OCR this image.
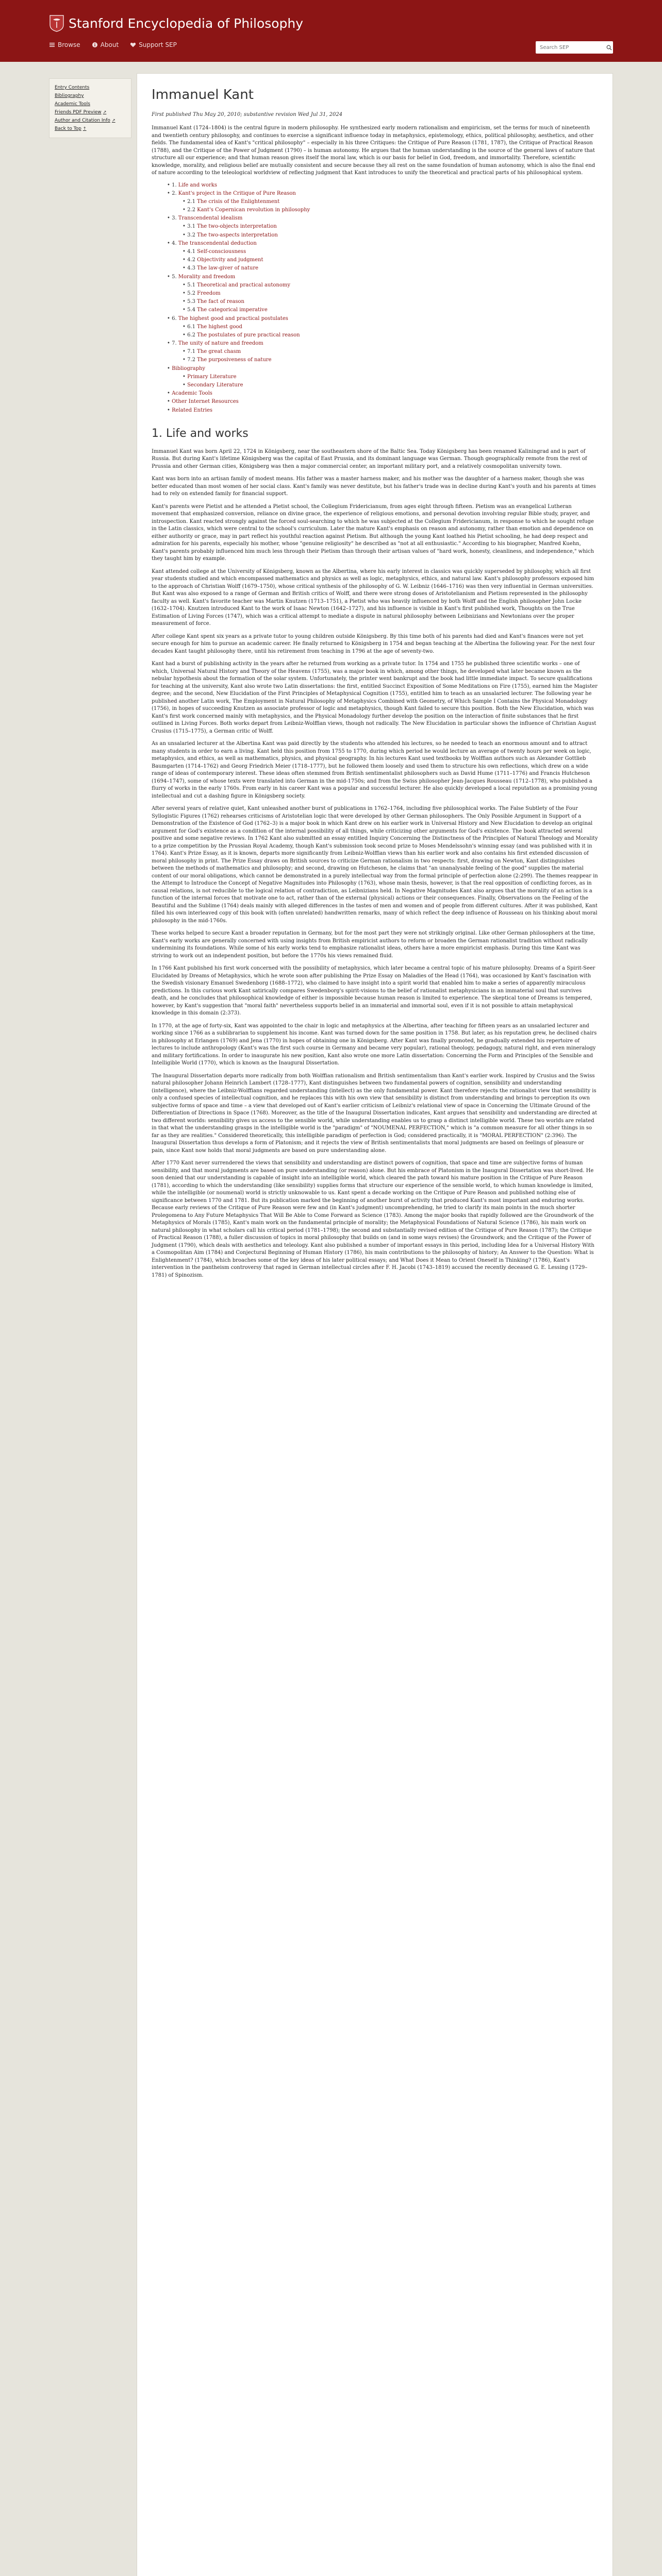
Stanford Encyclopedia of Philosophy
Browse	About	Support SEP
Search SEP
Entry Contents
Bibliography
Academic Tools
Friends PDF Preview ↗
Author and Citation Info ↗
Back to Top ↑
Immanuel Kant
First published Thu May 20, 2010; substantive revision Wed Jul 31, 2024

Immanuel Kant (1724–1804) is the central figure in modern philosophy. He synthesized early modern rationalism and empiricism, set the terms for much of nineteenth and twentieth century philosophy, and continues to exercise a significant influence today in metaphysics, epistemology, ethics, political philosophy, aesthetics, and other fields. The fundamental idea of Kant's "critical philosophy" – especially in his three Critiques: the Critique of Pure Reason (1781, 1787), the Critique of Practical Reason (1788), and the Critique of the Power of Judgment (1790) – is human autonomy. He argues that the human understanding is the source of the general laws of nature that structure all our experience; and that human reason gives itself the moral law, which is our basis for belief in God, freedom, and immortality. Therefore, scientific knowledge, morality, and religious belief are mutually consistent and secure because they all rest on the same foundation of human autonomy, which is also the final end of nature according to the teleological worldview of reflecting judgment that Kant introduces to unify the theoretical and practical parts of his philosophical system.

• 1. Life and works
• 2. Kant's project in the Critique of Pure Reason
• 2.1 The crisis of the Enlightenment
• 2.2 Kant's Copernican revolution in philosophy
• 3. Transcendental idealism
• 3.1 The two-objects interpretation
• 3.2 The two-aspects interpretation
• 4. The transcendental deduction
• 4.1 Self-consciousness
• 4.2 Objectivity and judgment
• 4.3 The law-giver of nature
• 5. Morality and freedom
• 5.1 Theoretical and practical autonomy
• 5.2 Freedom
• 5.3 The fact of reason
• 5.4 The categorical imperative
• 6. The highest good and practical postulates
• 6.1 The highest good
• 6.2 The postulates of pure practical reason
• 7. The unity of nature and freedom
• 7.1 The great chasm
• 7.2 The purposiveness of nature
• Bibliography
• Primary Literature
• Secondary Literature
• Academic Tools
• Other Internet Resources
• Related Entries
1. Life and works

Immanuel Kant was born April 22, 1724 in Königsberg, near the southeastern shore of the Baltic Sea. Today Königsberg has been renamed Kaliningrad and is part of Russia. But during Kant's lifetime Königsberg was the capital of East Prussia, and its dominant language was German. Though geographically remote from the rest of Prussia and other German cities, Königsberg was then a major commercial center, an important military port, and a relatively cosmopolitan university town.

Kant was born into an artisan family of modest means. His father was a master harness maker, and his mother was the daughter of a harness maker, though she was better educated than most women of her social class. Kant's family was never destitute, but his father's trade was in decline during Kant's youth and his parents at times had to rely on extended family for financial support.

Kant's parents were Pietist and he attended a Pietist school, the Collegium Fridericianum, from ages eight through fifteen. Pietism was an evangelical Lutheran movement that emphasized conversion, reliance on divine grace, the experience of religious emotions, and personal devotion involving regular Bible study, prayer, and introspection. Kant reacted strongly against the forced soul-searching to which he was subjected at the Collegium Fridericianum, in response to which he sought refuge in the Latin classics, which were central to the school's curriculum. Later the mature Kant's emphasis on reason and autonomy, rather than emotion and dependence on either authority or grace, may in part reflect his youthful reaction against Pietism. But although the young Kant loathed his Pietist schooling, he had deep respect and admiration for his parents, especially his mother, whose "genuine religiosity" he described as "not at all enthusiastic." According to his biographer, Manfred Kuehn, Kant's parents probably influenced him much less through their Pietism than through their artisan values of "hard work, honesty, cleanliness, and independence," which they taught him by example.

Kant attended college at the University of Königsberg, known as the Albertina, where his early interest in classics was quickly superseded by philosophy, which all first year students studied and which encompassed mathematics and physics as well as logic, metaphysics, ethics, and natural law. Kant's philosophy professors exposed him to the approach of Christian Wolff (1679–1750), whose critical synthesis of the philosophy of G. W. Leibniz (1646–1716) was then very influential in German universities. But Kant was also exposed to a range of German and British critics of Wolff, and there were strong doses of Aristotelianism and Pietism represented in the philosophy faculty as well. Kant's favorite teacher was Martin Knutzen (1713–1751), a Pietist who was heavily influenced by both Wolff and the English philosopher John Locke (1632–1704). Knutzen introduced Kant to the work of Isaac Newton (1642–1727), and his influence is visible in Kant's first published work, Thoughts on the True Estimation of Living Forces (1747), which was a critical attempt to mediate a dispute in natural philosophy between Leibnizians and Newtonians over the proper measurement of force.

After college Kant spent six years as a private tutor to young children outside Königsberg. By this time both of his parents had died and Kant's finances were not yet secure enough for him to pursue an academic career. He finally returned to Königsberg in 1754 and began teaching at the Albertina the following year. For the next four decades Kant taught philosophy there, until his retirement from teaching in 1796 at the age of seventy-two.

Kant had a burst of publishing activity in the years after he returned from working as a private tutor. In 1754 and 1755 he published three scientific works – one of which, Universal Natural History and Theory of the Heavens (1755), was a major book in which, among other things, he developed what later became known as the nebular hypothesis about the formation of the solar system. Unfortunately, the printer went bankrupt and the book had little immediate impact. To secure qualifications for teaching at the university, Kant also wrote two Latin dissertations: the first, entitled Succinct Exposition of Some Meditations on Fire (1755), earned him the Magister degree; and the second, New Elucidation of the First Principles of Metaphysical Cognition (1755), entitled him to teach as an unsalaried lecturer. The following year he published another Latin work, The Employment in Natural Philosophy of Metaphysics Combined with Geometry, of Which Sample I Contains the Physical Monadology (1756), in hopes of succeeding Knutzen as associate professor of logic and metaphysics, though Kant failed to secure this position. Both the New Elucidation, which was Kant's first work concerned mainly with metaphysics, and the Physical Monadology further develop the position on the interaction of finite substances that he first outlined in Living Forces. Both works depart from Leibniz-Wolffian views, though not radically. The New Elucidation in particular shows the influence of Christian August Crusius (1715–1775), a German critic of Wolff.

As an unsalaried lecturer at the Albertina Kant was paid directly by the students who attended his lectures, so he needed to teach an enormous amount and to attract many students in order to earn a living. Kant held this position from 1755 to 1770, during which period he would lecture an average of twenty hours per week on logic, metaphysics, and ethics, as well as mathematics, physics, and physical geography. In his lectures Kant used textbooks by Wolffian authors such as Alexander Gottlieb Baumgarten (1714–1762) and Georg Friedrich Meier (1718–1777), but he followed them loosely and used them to structure his own reflections, which drew on a wide range of ideas of contemporary interest. These ideas often stemmed from British sentimentalist philosophers such as David Hume (1711–1776) and Francis Hutcheson (1694–1747), some of whose texts were translated into German in the mid-1750s; and from the Swiss philosopher Jean-Jacques Rousseau (1712–1778), who published a flurry of works in the early 1760s. From early in his career Kant was a popular and successful lecturer. He also quickly developed a local reputation as a promising young intellectual and cut a dashing figure in Königsberg society.

After several years of relative quiet, Kant unleashed another burst of publications in 1762–1764, including five philosophical works. The False Subtlety of the Four Syllogistic Figures (1762) rehearses criticisms of Aristotelian logic that were developed by other German philosophers. The Only Possible Argument in Support of a Demonstration of the Existence of God (1762–3) is a major book in which Kant drew on his earlier work in Universal History and New Elucidation to develop an original argument for God's existence as a condition of the internal possibility of all things, while criticizing other arguments for God's existence. The book attracted several positive and some negative reviews. In 1762 Kant also submitted an essay entitled Inquiry Concerning the Distinctness of the Principles of Natural Theology and Morality to a prize competition by the Prussian Royal Academy, though Kant's submission took second prize to Moses Mendelssohn's winning essay (and was published with it in 1764). Kant's Prize Essay, as it is known, departs more significantly from Leibniz-Wolffian views than his earlier work and also contains his first extended discussion of moral philosophy in print. The Prize Essay draws on British sources to criticize German rationalism in two respects: first, drawing on Newton, Kant distinguishes between the methods of mathematics and philosophy; and second, drawing on Hutcheson, he claims that "an unanalysable feeling of the good" supplies the material content of our moral obligations, which cannot be demonstrated in a purely intellectual way from the formal principle of perfection alone (2:299). The themes reappear in the Attempt to Introduce the Concept of Negative Magnitudes into Philosophy (1763), whose main thesis, however, is that the real opposition of conflicting forces, as in causal relations, is not reducible to the logical relation of contradiction, as Leibnizians held. In Negative Magnitudes Kant also argues that the morality of an action is a function of the internal forces that motivate one to act, rather than of the external (physical) actions or their consequences. Finally, Observations on the Feeling of the Beautiful and the Sublime (1764) deals mainly with alleged differences in the tastes of men and women and of people from different cultures. After it was published, Kant filled his own interleaved copy of this book with (often unrelated) handwritten remarks, many of which reflect the deep influence of Rousseau on his thinking about moral philosophy in the mid-1760s.

These works helped to secure Kant a broader reputation in Germany, but for the most part they were not strikingly original. Like other German philosophers at the time, Kant's early works are generally concerned with using insights from British empiricist authors to reform or broaden the German rationalist tradition without radically undermining its foundations. While some of his early works tend to emphasize rationalist ideas, others have a more empiricist emphasis. During this time Kant was striving to work out an independent position, but before the 1770s his views remained fluid.

In 1766 Kant published his first work concerned with the possibility of metaphysics, which later became a central topic of his mature philosophy. Dreams of a Spirit-Seer Elucidated by Dreams of Metaphysics, which he wrote soon after publishing the Prize Essay on Maladies of the Head (1764), was occasioned by Kant's fascination with the Swedish visionary Emanuel Swedenborg (1688–1772), who claimed to have insight into a spirit world that enabled him to make a series of apparently miraculous predictions. In this curious work Kant satirically compares Swedenborg's spirit-visions to the belief of rationalist metaphysicians in an immaterial soul that survives death, and he concludes that philosophical knowledge of either is impossible because human reason is limited to experience. The skeptical tone of Dreams is tempered, however, by Kant's suggestion that "moral faith" nevertheless supports belief in an immaterial and immortal soul, even if it is not possible to attain metaphysical knowledge in this domain (2:373).

In 1770, at the age of forty-six, Kant was appointed to the chair in logic and metaphysics at the Albertina, after teaching for fifteen years as an unsalaried lecturer and working since 1766 as a sublibrarian to supplement his income. Kant was turned down for the same position in 1758. But later, as his reputation grew, he declined chairs in philosophy at Erlangen (1769) and Jena (1770) in hopes of obtaining one in Königsberg. After Kant was finally promoted, he gradually extended his repertoire of lectures to include anthropology (Kant's was the first such course in Germany and became very popular), rational theology, pedagogy, natural right, and even mineralogy and military fortifications. In order to inaugurate his new position, Kant also wrote one more Latin dissertation: Concerning the Form and Principles of the Sensible and Intelligible World (1770), which is known as the Inaugural Dissertation.

The Inaugural Dissertation departs more radically from both Wolffian rationalism and British sentimentalism than Kant's earlier work. Inspired by Crusius and the Swiss natural philosopher Johann Heinrich Lambert (1728–1777), Kant distinguishes between two fundamental powers of cognition, sensibility and understanding (intelligence), where the Leibniz-Wolffians regarded understanding (intellect) as the only fundamental power. Kant therefore rejects the rationalist view that sensibility is only a confused species of intellectual cognition, and he replaces this with his own view that sensibility is distinct from understanding and brings to perception its own subjective forms of space and time – a view that developed out of Kant's earlier criticism of Leibniz's relational view of space in Concerning the Ultimate Ground of the Differentiation of Directions in Space (1768). Moreover, as the title of the Inaugural Dissertation indicates, Kant argues that sensibility and understanding are directed at two different worlds: sensibility gives us access to the sensible world, while understanding enables us to grasp a distinct intelligible world. These two worlds are related in that what the understanding grasps in the intelligible world is the "paradigm" of "NOUMENAL PERFECTION," which is "a common measure for all other things in so far as they are realities." Considered theoretically, this intelligible paradigm of perfection is God; considered practically, it is "MORAL PERFECTION" (2:396). The Inaugural Dissertation thus develops a form of Platonism; and it rejects the view of British sentimentalists that moral judgments are based on feelings of pleasure or pain, since Kant now holds that moral judgments are based on pure understanding alone.

After 1770 Kant never surrendered the views that sensibility and understanding are distinct powers of cognition, that space and time are subjective forms of human sensibility, and that moral judgments are based on pure understanding (or reason) alone. But his embrace of Platonism in the Inaugural Dissertation was short-lived. He soon denied that our understanding is capable of insight into an intelligible world, which cleared the path toward his mature position in the Critique of Pure Reason (1781), according to which the understanding (like sensibility) supplies forms that structure our experience of the sensible world, to which human knowledge is limited, while the intelligible (or noumenal) world is strictly unknowable to us. Kant spent a decade working on the Critique of Pure Reason and published nothing else of significance between 1770 and 1781. But its publication marked the beginning of another burst of activity that produced Kant's most important and enduring works. Because early reviews of the Critique of Pure Reason were few and (in Kant's judgment) uncomprehending, he tried to clarify its main points in the much shorter Prolegomena to Any Future Metaphysics That Will Be Able to Come Forward as Science (1783). Among the major books that rapidly followed are the Groundwork of the Metaphysics of Morals (1785), Kant's main work on the fundamental principle of morality; the Metaphysical Foundations of Natural Science (1786), his main work on natural philosophy in what scholars call his critical period (1781–1798); the second and substantially revised edition of the Critique of Pure Reason (1787); the Critique of Practical Reason (1788), a fuller discussion of topics in moral philosophy that builds on (and in some ways revises) the Groundwork; and the Critique of the Power of Judgment (1790), which deals with aesthetics and teleology. Kant also published a number of important essays in this period, including Idea for a Universal History With a Cosmopolitan Aim (1784) and Conjectural Beginning of Human History (1786), his main contributions to the philosophy of history; An Answer to the Question: What is Enlightenment? (1784), which broaches some of the key ideas of his later political essays; and What Does it Mean to Orient Oneself in Thinking? (1786), Kant's intervention in the pantheism controversy that raged in German intellectual circles after F. H. Jacobi (1743–1819) accused the recently deceased G. E. Lessing (1729–1781) of Spinozism.
